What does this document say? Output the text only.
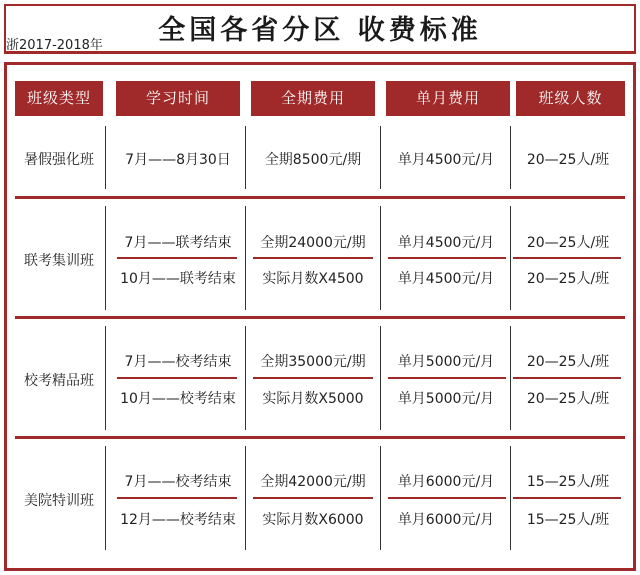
全国各省分区 收费标准
浙2017-2018年
班级类型	学习时间	全期费用	单月费用	班级人数
暑假强化班	7月——8月30日	全期8500元/期	单月4500元/月	20—25人/班
联考集训班
7月——联考结束	全期24000元/期	单月4500元/月	20—25人/班
10月——联考结束	实际月数X4500	单月4500元/月	20—25人/班
校考精品班
7月——校考结束	全期35000元/期	单月5000元/月	20—25人/班
10月——校考结束	实际月数X5000	单月5000元/月	20—25人/班
美院特训班
7月——校考结束	全期42000元/期	单月6000元/月	15—25人/班
12月——校考结束	实际月数X6000	单月6000元/月	15—25人/班
